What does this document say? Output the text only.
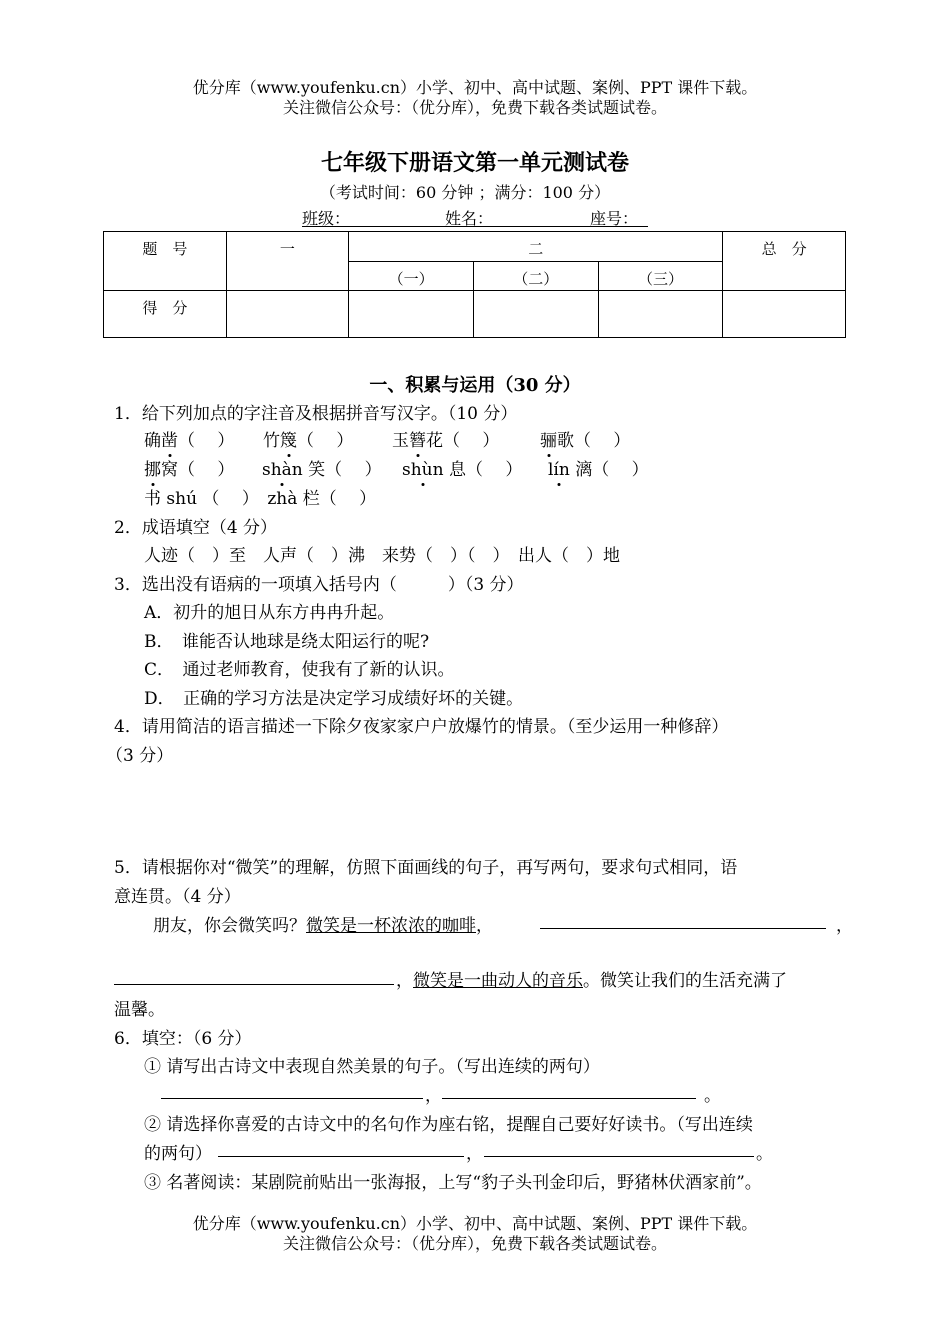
优分库（www.youfenku.cn）小学、初中、高中试题、案例、PPT 课件下载。
关注微信公众号：（优分库），免费下载各类试题试卷。
七年级下册语文第一单元测试卷
（考试时间：60 分钟 ；满分：100 分）
班级：	姓名：	座号：
题　号	一	二			总　分
		（一）	（二）	（三）	
得　分					
一、积累与运用（30 分）
1．给下列加点的字注音及根据拼音写汉字。（10 分）
确凿（　 ） 竹篾（　 ） 玉簪花（　 ） 骊歌（　 ）
挪窝（　 ） shàn 笑（　 ） shùn 息（　 ） lín 漓（　 ）
书 shú （　 ）　zhà 栏（　 ）
2．成语填空（4 分）
人迹（　）至　人声（　）沸　来势（　）（　）　出人（　）地
3．选出没有语病的一项填入括号内（　　　）（3 分）
A．初升的旭日从东方冉冉升起。
B．　谁能否认地球是绕太阳运行的呢?
C．　通过老师教育，使我有了新的认识。
D．　正确的学习方法是决定学习成绩好坏的关键。
4．请用简洁的语言描述一下除夕夜家家户户放爆竹的情景。（至少运用一种修辞）
（3 分）
5．请根据你对“微笑”的理解，仿照下面画线的句子，再写两句，要求句式相同，语
意连贯。（4 分）
朋友，你会微笑吗？微笑是一杯浓浓的咖啡，	，
，微笑是一曲动人的音乐。微笑让我们的生活充满了
温馨。
6．填空：（6 分）
① 请写出古诗文中表现自然美景的句子。（写出连续的两句）
，	。
② 请选择你喜爱的古诗文中的名句作为座右铭，提醒自己要好好读书。（写出连续
的两句）	，	。
③ 名著阅读：某剧院前贴出一张海报，上写“豹子头刊金印后，野猪林伏酒家前”。
优分库（www.youfenku.cn）小学、初中、高中试题、案例、PPT 课件下载。
关注微信公众号：（优分库），免费下载各类试题试卷。
